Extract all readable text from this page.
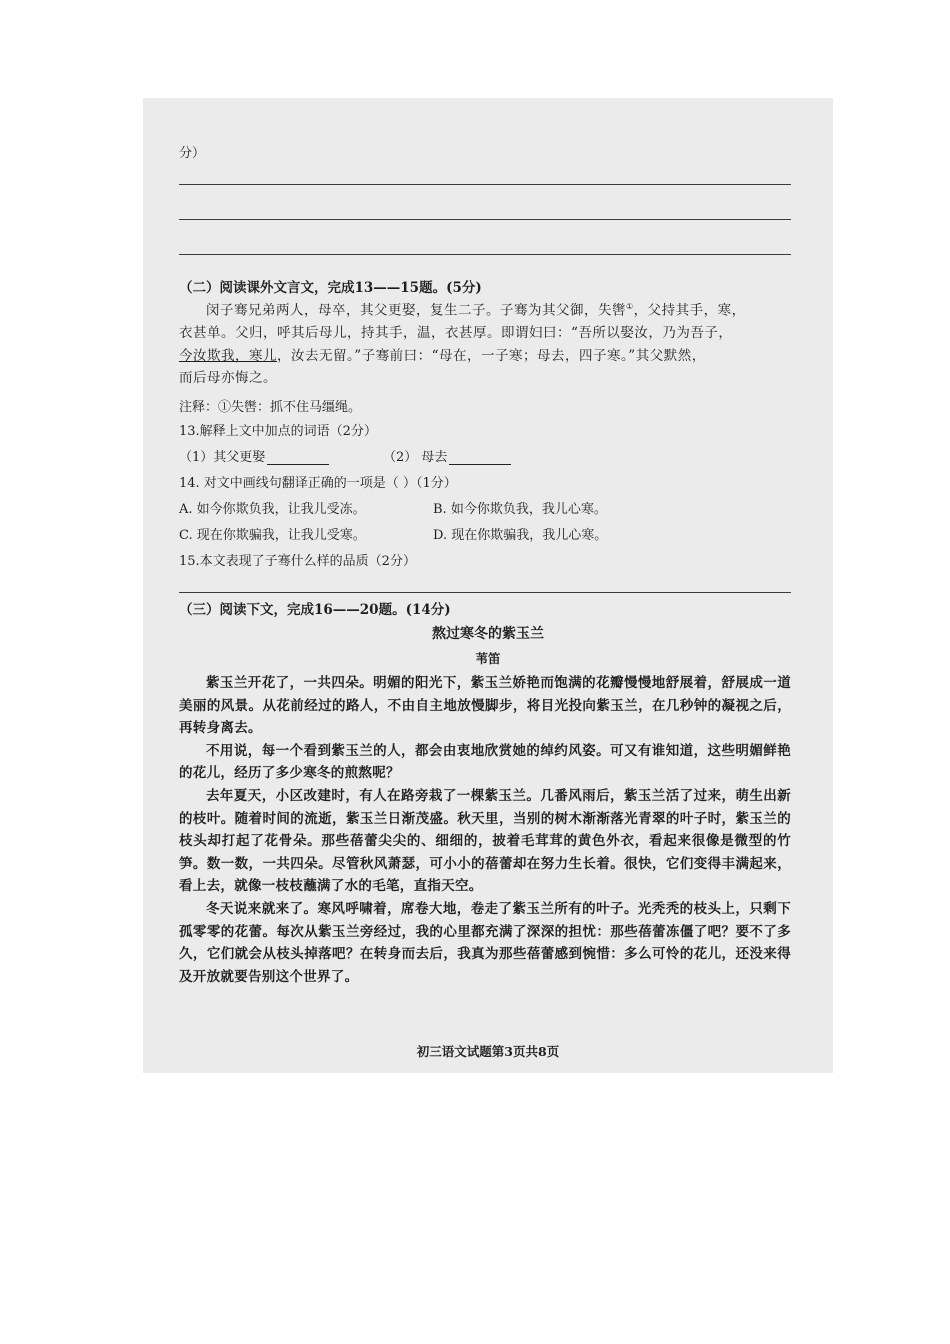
分）
（二）阅读课外文言文，完成13——15题。(5分)
闵子骞兄弟两人，母卒，其父更娶，复生二子。子骞为其父御，失辔①，父持其手，寒，
衣甚单。父归，呼其后母儿，持其手，温，衣甚厚。即谓妇曰：“吾所以娶汝，乃为吾子，
今汝欺我，寒儿，汝去无留。”子骞前曰：“母在，一子寒；母去，四子寒。”其父默然，
而后母亦悔之。
注释：①失辔：抓不住马缰绳。
13.解释上文中加点的词语（2分）
（1）其父更娶	（2） 母去
14. 对文中画线句翻译正确的一项是（ ）（1分）
A. 如今你欺负我，让我儿受冻。	B. 如今你欺负我，我儿心寒。
C. 现在你欺骗我，让我儿受寒。	D. 现在你欺骗我，我儿心寒。
15.本文表现了子骞什么样的品质（2分）
（三）阅读下文，完成16——20题。(14分)
熬过寒冬的紫玉兰
苇笛

紫玉兰开花了，一共四朵。明媚的阳光下，紫玉兰娇艳而饱满的花瓣慢慢地舒展着，舒展成一道美丽的风景。从花前经过的路人，不由自主地放慢脚步，将目光投向紫玉兰，在几秒钟的凝视之后，再转身离去。

不用说，每一个看到紫玉兰的人，都会由衷地欣赏她的绰约风姿。可又有谁知道，这些明媚鲜艳的花儿，经历了多少寒冬的煎熬呢？

去年夏天，小区改建时，有人在路旁栽了一棵紫玉兰。几番风雨后，紫玉兰活了过来，萌生出新的枝叶。随着时间的流逝，紫玉兰日渐茂盛。秋天里，当别的树木渐渐落光青翠的叶子时，紫玉兰的枝头却打起了花骨朵。那些蓓蕾尖尖的、细细的，披着毛茸茸的黄色外衣，看起来很像是微型的竹笋。数一数，一共四朵。尽管秋风萧瑟，可小小的蓓蕾却在努力生长着。很快，它们变得丰满起来，看上去，就像一枝枝蘸满了水的毛笔，直指天空。

冬天说来就来了。寒风呼啸着，席卷大地，卷走了紫玉兰所有的叶子。光秃秃的枝头上，只剩下孤零零的花蕾。每次从紫玉兰旁经过，我的心里都充满了深深的担忧：那些蓓蕾冻僵了吧？要不了多久，它们就会从枝头掉落吧？在转身而去后，我真为那些蓓蕾感到惋惜：多么可怜的花儿，还没来得及开放就要告别这个世界了。

初三语文试题第3页共8页
